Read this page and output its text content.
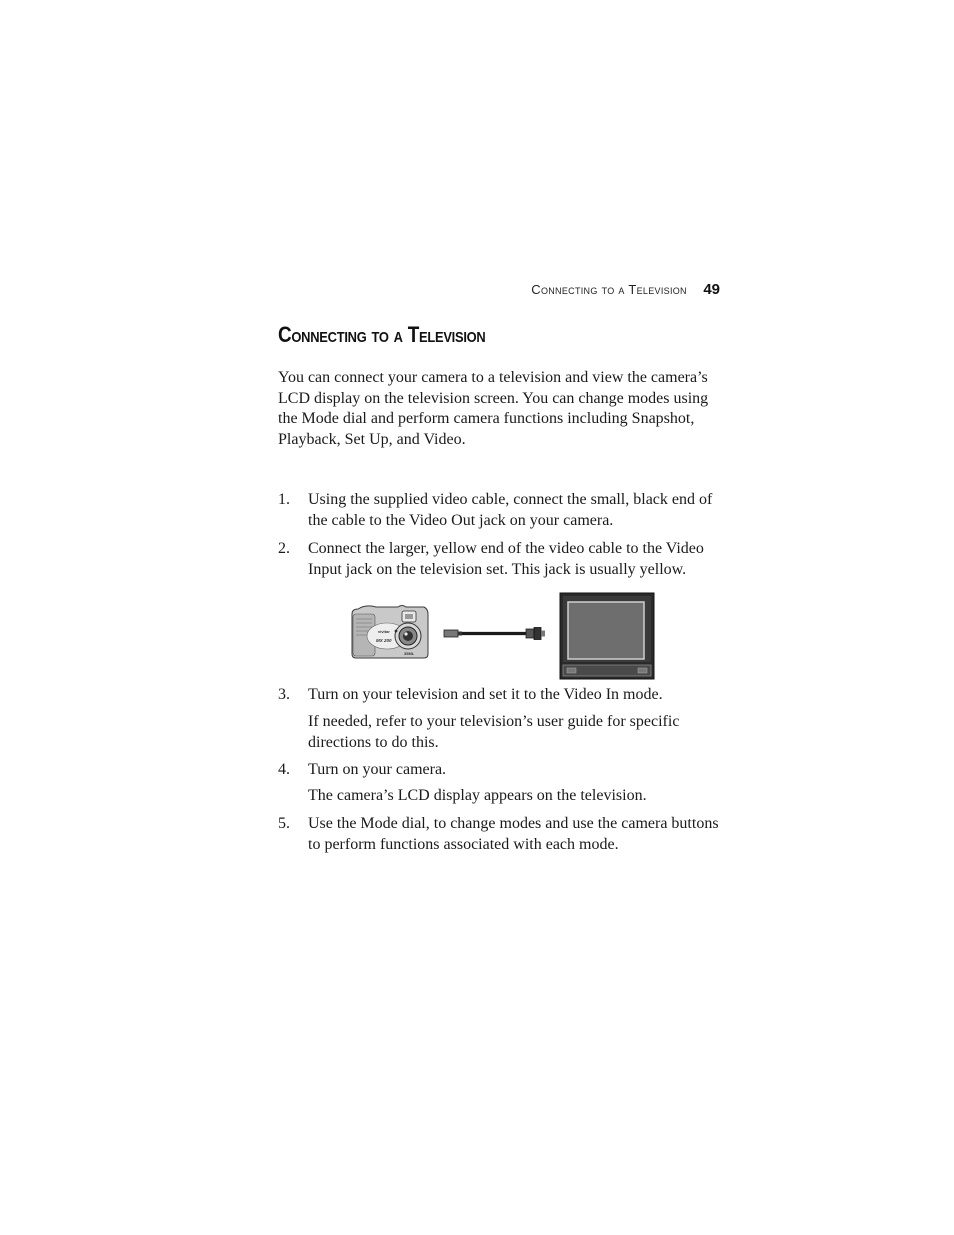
Connecting to a Television 49
Connecting to a Television

You can connect your camera to a television and view the camera’s LCD display on the television screen. You can change modes using the Mode dial and perform camera functions including Snapshot, Playback, Set Up, and Video.

1. Using the supplied video cable, connect the small, black end of the cable to the Video Out jack on your camera.
2. Connect the larger, yellow end of the video cable to the Video Input jack on the television set. This jack is usually yellow.
vivitar
MX 200
35ML
3. Turn on your television and set it to the Video In mode.

If needed, refer to your television’s user guide for specific directions to do this.

4. Turn on your camera.

The camera’s LCD display appears on the television.

5. Use the Mode dial, to change modes and use the camera buttons to perform functions associated with each mode.
